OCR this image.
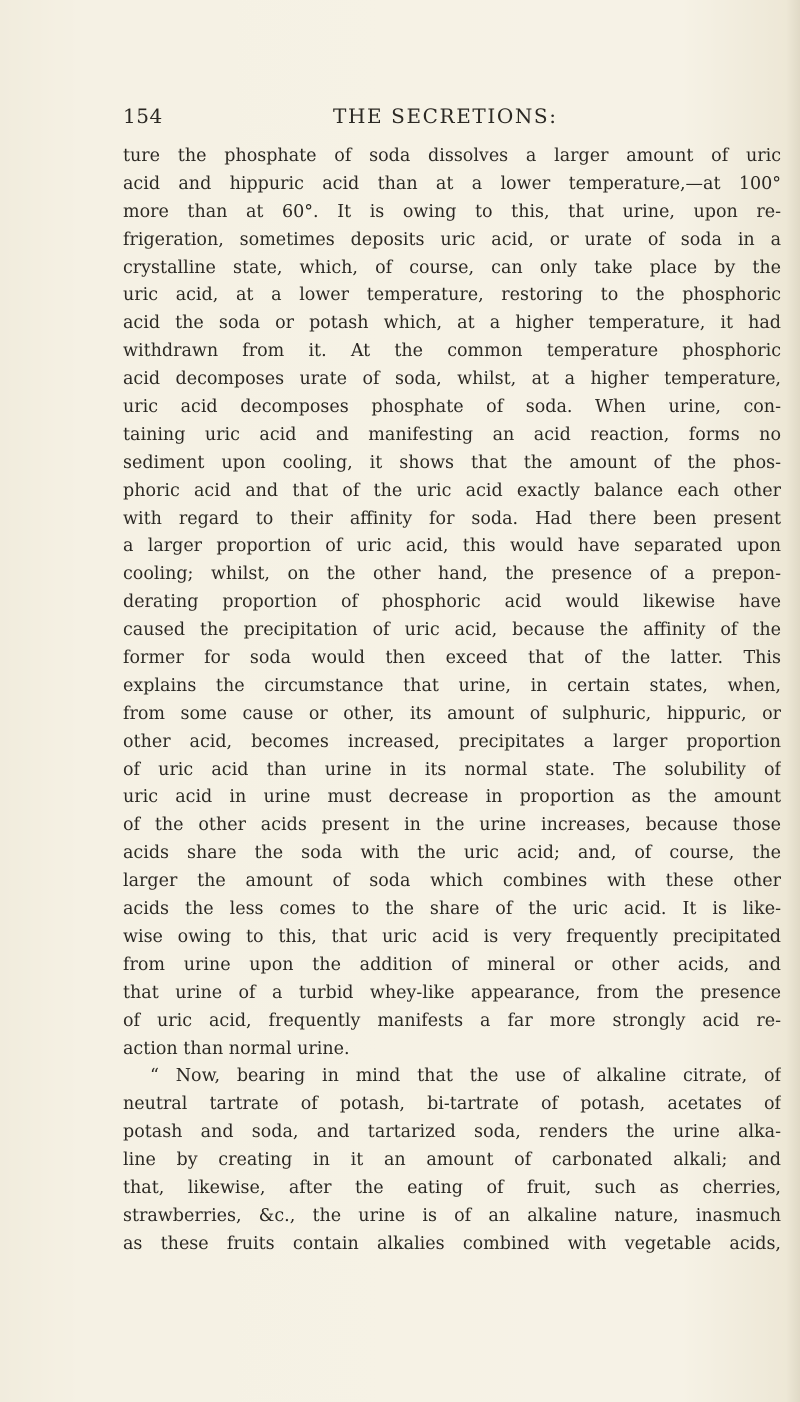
154	THE SECRETIONS:
ture the phosphate of soda dissolves a larger amount of uric
acid and hippuric acid than at a lower temperature,—at 100°
more than at 60°. It is owing to this, that urine, upon re-
frigeration, sometimes deposits uric acid, or urate of soda in a
crystalline state, which, of course, can only take place by the
uric acid, at a lower temperature, restoring to the phosphoric
acid the soda or potash which, at a higher temperature, it had
withdrawn from it. At the common temperature phosphoric
acid decomposes urate of soda, whilst, at a higher temperature,
uric acid decomposes phosphate of soda. When urine, con-
taining uric acid and manifesting an acid reaction, forms no
sediment upon cooling, it shows that the amount of the phos-
phoric acid and that of the uric acid exactly balance each other
with regard to their affinity for soda. Had there been present
a larger proportion of uric acid, this would have separated upon
cooling; whilst, on the other hand, the presence of a prepon-
derating proportion of phosphoric acid would likewise have
caused the precipitation of uric acid, because the affinity of the
former for soda would then exceed that of the latter. This
explains the circumstance that urine, in certain states, when,
from some cause or other, its amount of sulphuric, hippuric, or
other acid, becomes increased, precipitates a larger proportion
of uric acid than urine in its normal state. The solubility of
uric acid in urine must decrease in proportion as the amount
of the other acids present in the urine increases, because those
acids share the soda with the uric acid; and, of course, the
larger the amount of soda which combines with these other
acids the less comes to the share of the uric acid. It is like-
wise owing to this, that uric acid is very frequently precipitated
from urine upon the addition of mineral or other acids, and
that urine of a turbid whey-like appearance, from the presence
of uric acid, frequently manifests a far more strongly acid re-
action than normal urine.
“ Now, bearing in mind that the use of alkaline citrate, of
neutral tartrate of potash, bi-tartrate of potash, acetates of
potash and soda, and tartarized soda, renders the urine alka-
line by creating in it an amount of carbonated alkali; and
that, likewise, after the eating of fruit, such as cherries,
strawberries, &c., the urine is of an alkaline nature, inasmuch
as these fruits contain alkalies combined with vegetable acids,
